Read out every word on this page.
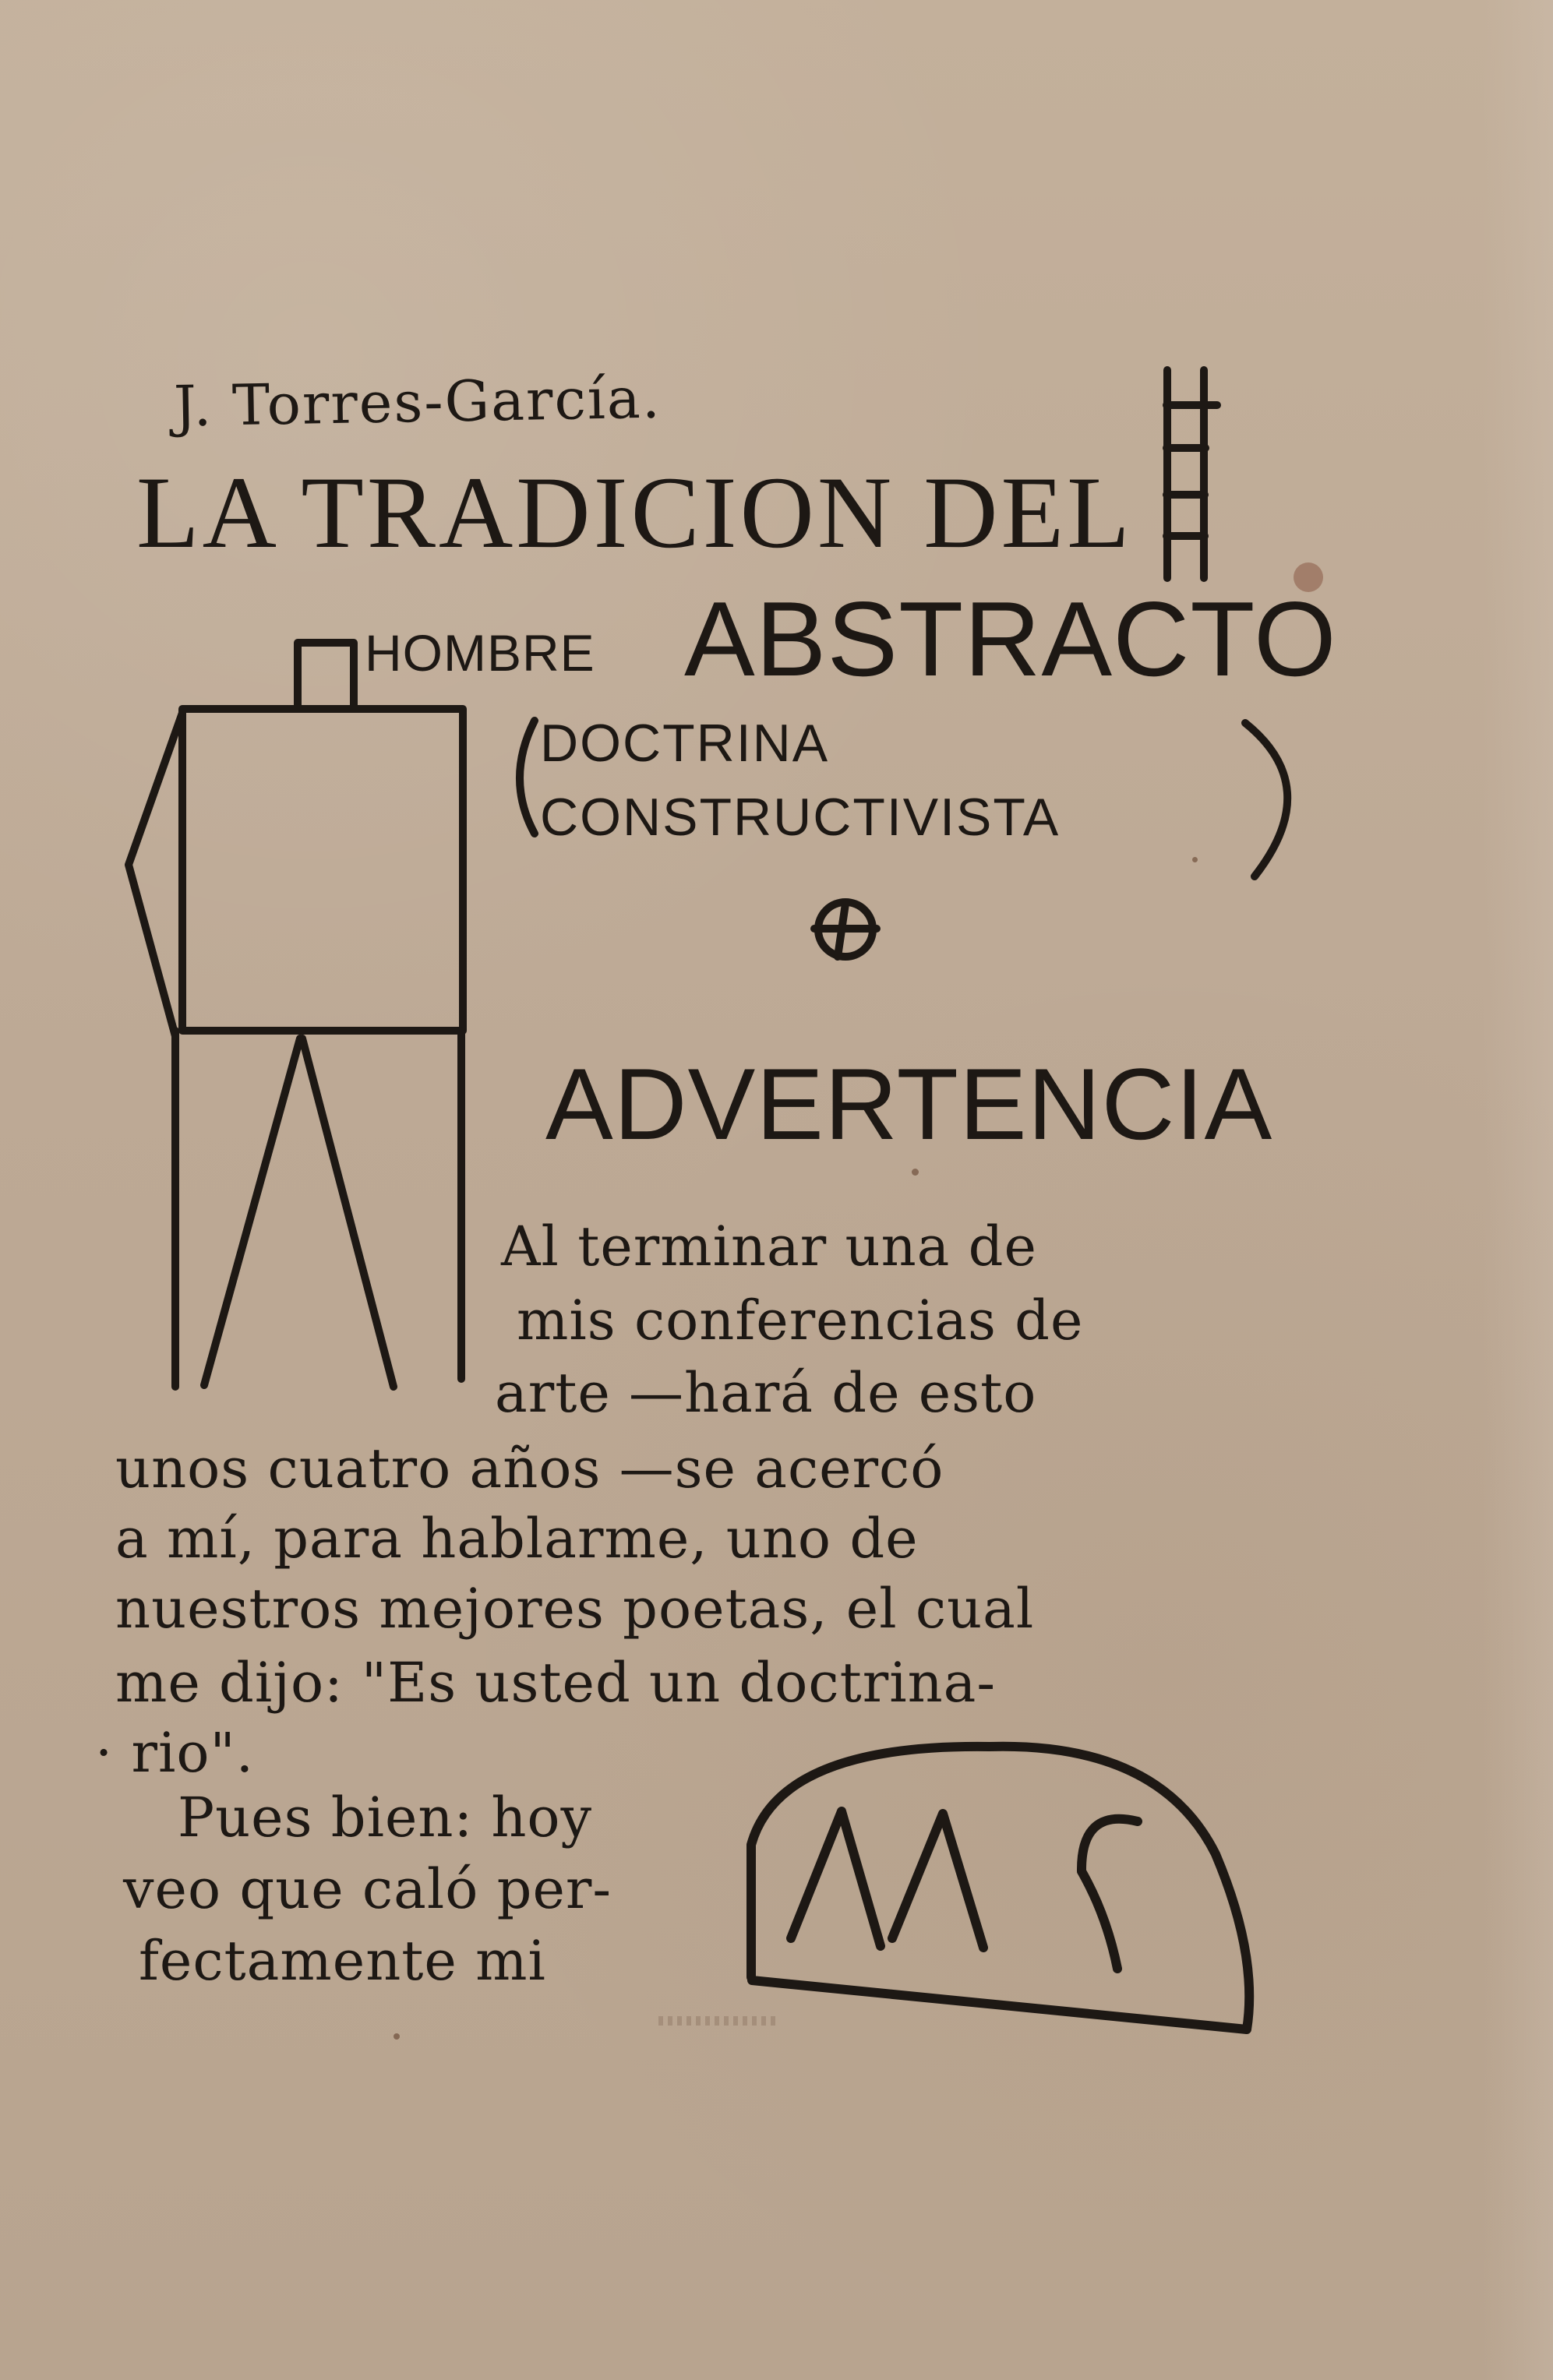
J. Torres-García.
LA TRADICION DEL
HOMBRE ABSTRACTO
DOCTRINA
CONSTRUCTIVISTA
ADVERTENCIA
Al terminar una de
mis conferencias de
arte —hará de esto
unos cuatro años —se acercó
a mí, para hablarme, uno de
nuestros mejores poetas, el cual
me dijo: "Es usted un doctrina-
· rio".
Pues bien: hoy
veo que caló per-
fectamente mi
